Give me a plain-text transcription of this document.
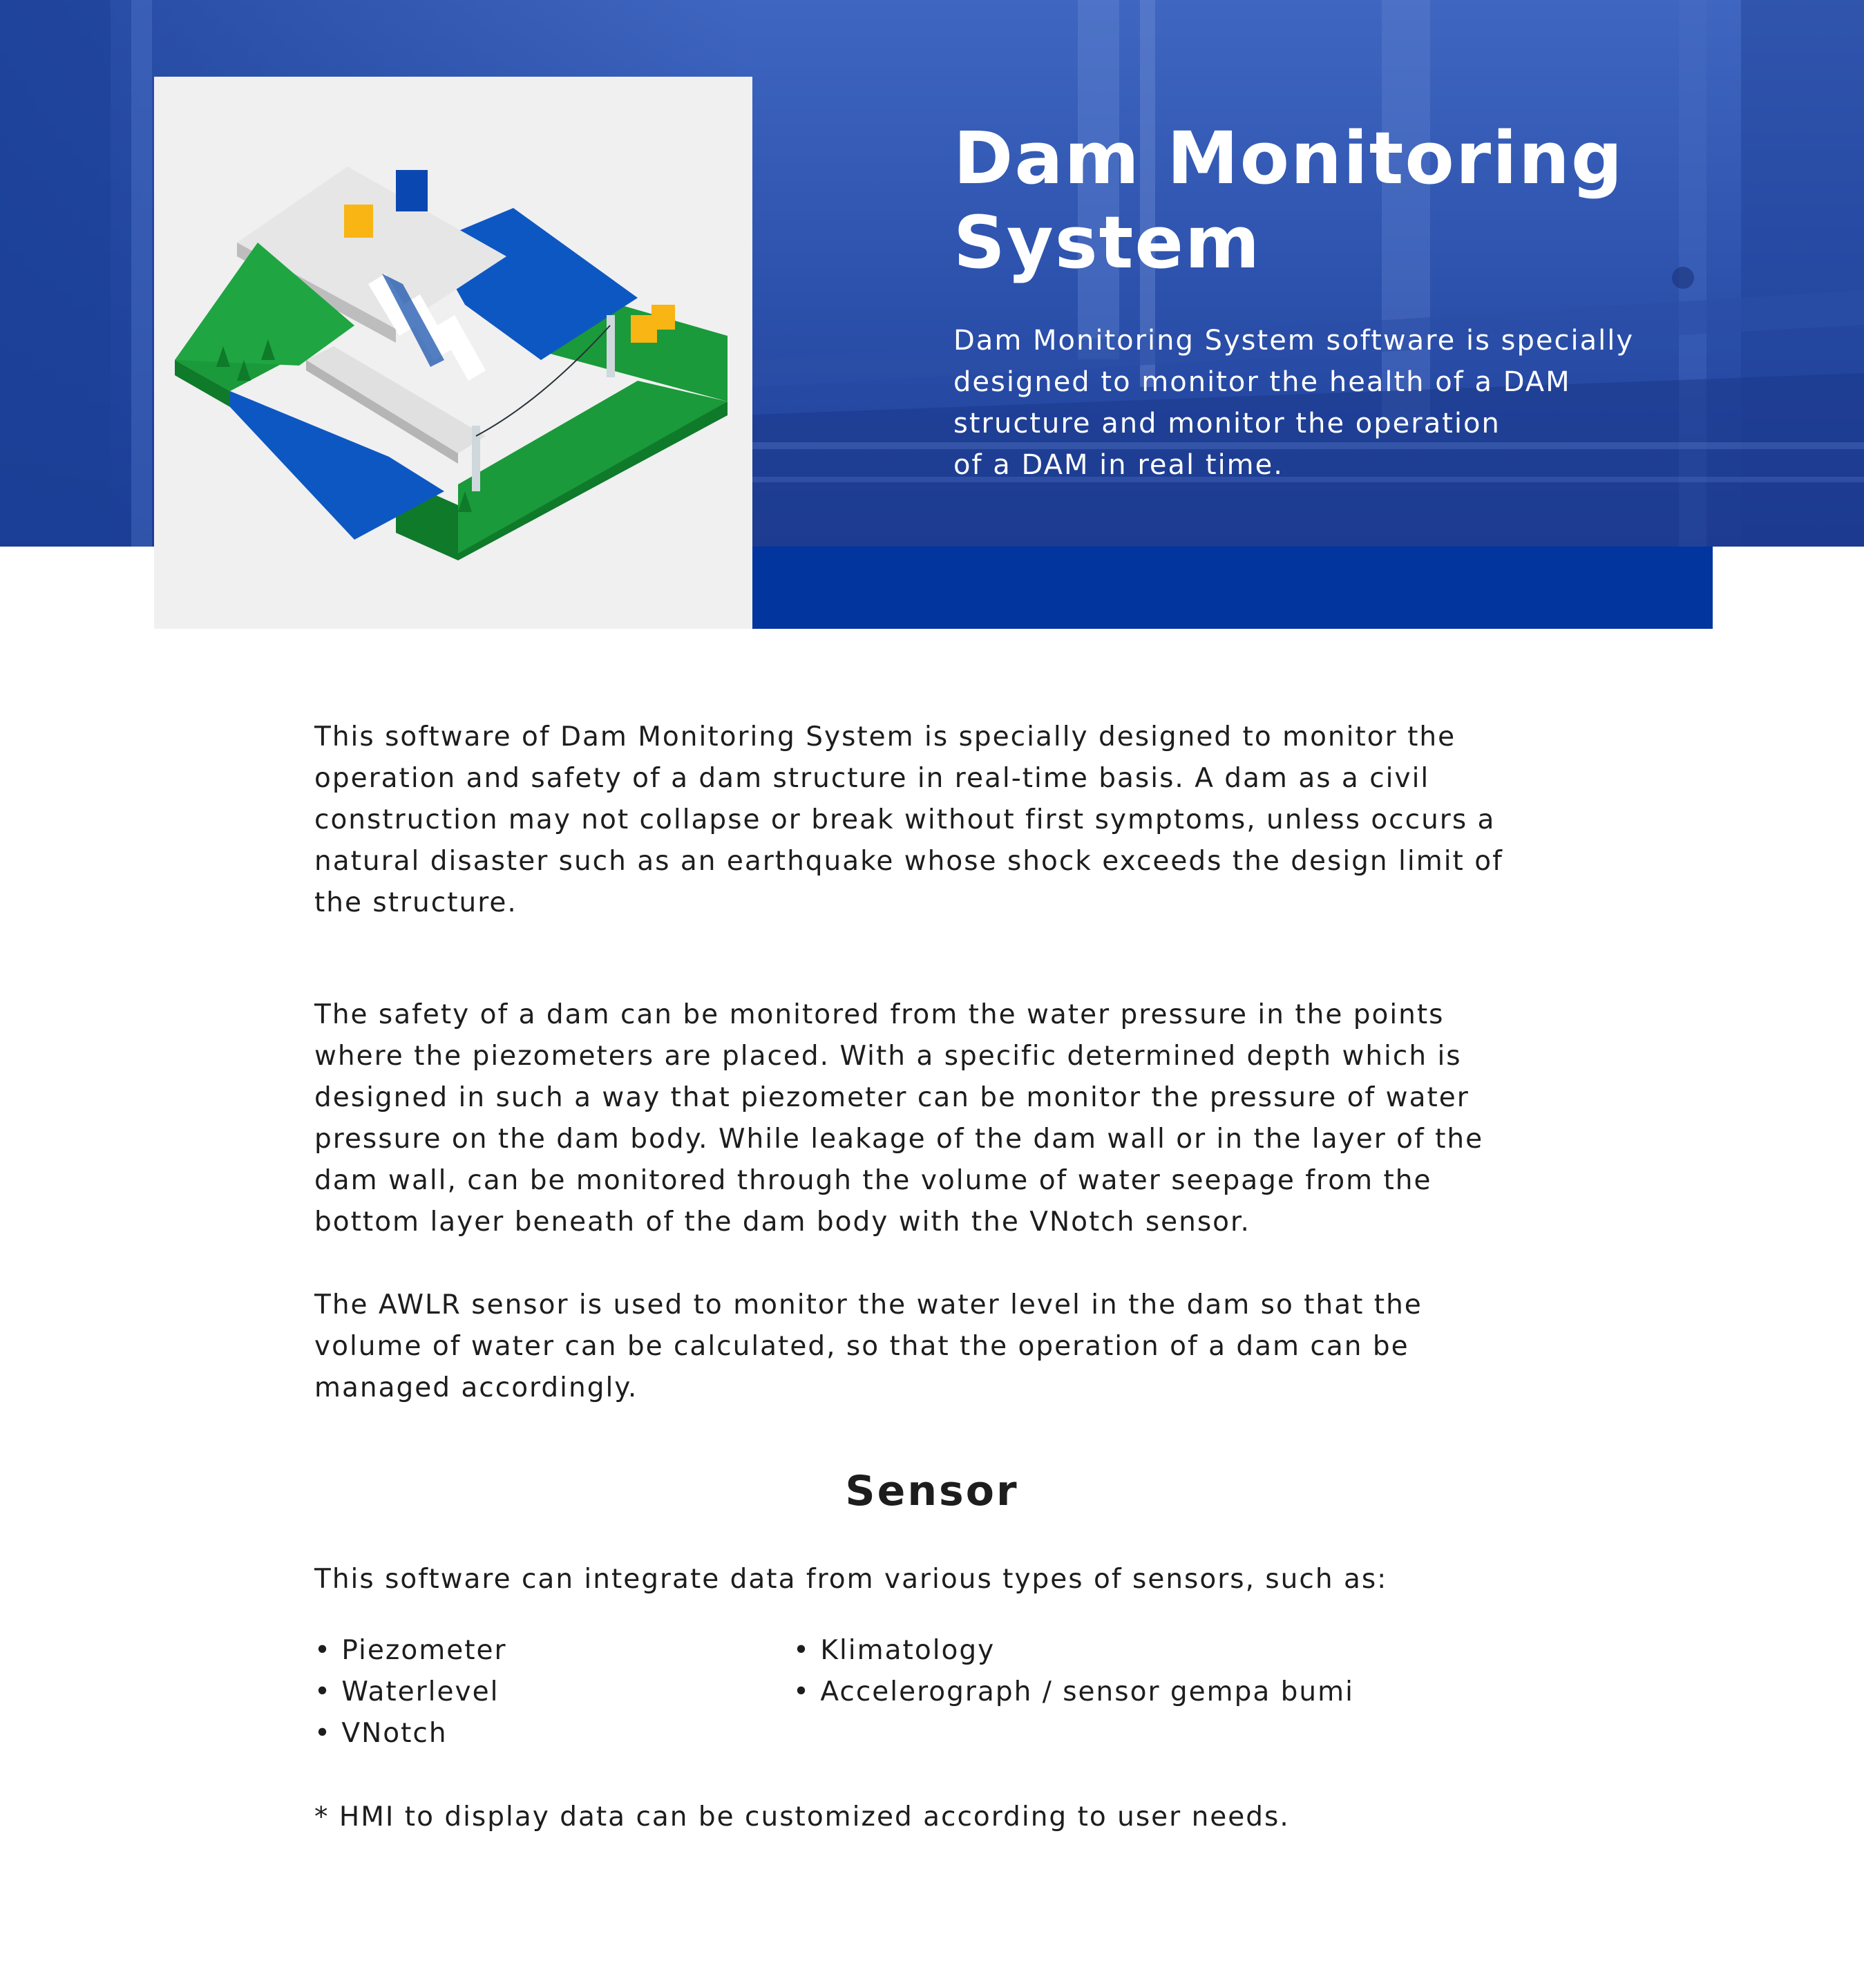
Dam Monitoring
System
Dam Monitoring System software is specially
designed to monitor the health of a DAM
structure and monitor the operation
of a DAM in real time.
This software of Dam Monitoring System is specially designed to monitor the
operation and safety of a dam structure in real-time basis. A dam as a civil
construction may not collapse or break without first symptoms, unless occurs a
natural disaster such as an earthquake whose shock exceeds the design limit of
the structure.
The safety of a dam can be monitored from the water pressure in the points
where the piezometers are placed. With a specific determined depth which is
designed in such a way that piezometer can be monitor the pressure of water
pressure on the dam body. While leakage of the dam wall or in the layer of the
dam wall, can be monitored through the volume of water seepage from the
bottom layer beneath of the dam body with the VNotch sensor.
The AWLR sensor is used to monitor the water level in the dam so that the
volume of water can be calculated, so that the operation of a dam can be
managed accordingly.
Sensor
This software can integrate data from various types of sensors, such as:
• Piezometer
• Waterlevel
• VNotch
• Klimatology
• Accelerograph / sensor gempa bumi
* HMI to display data can be customized according to user needs.
